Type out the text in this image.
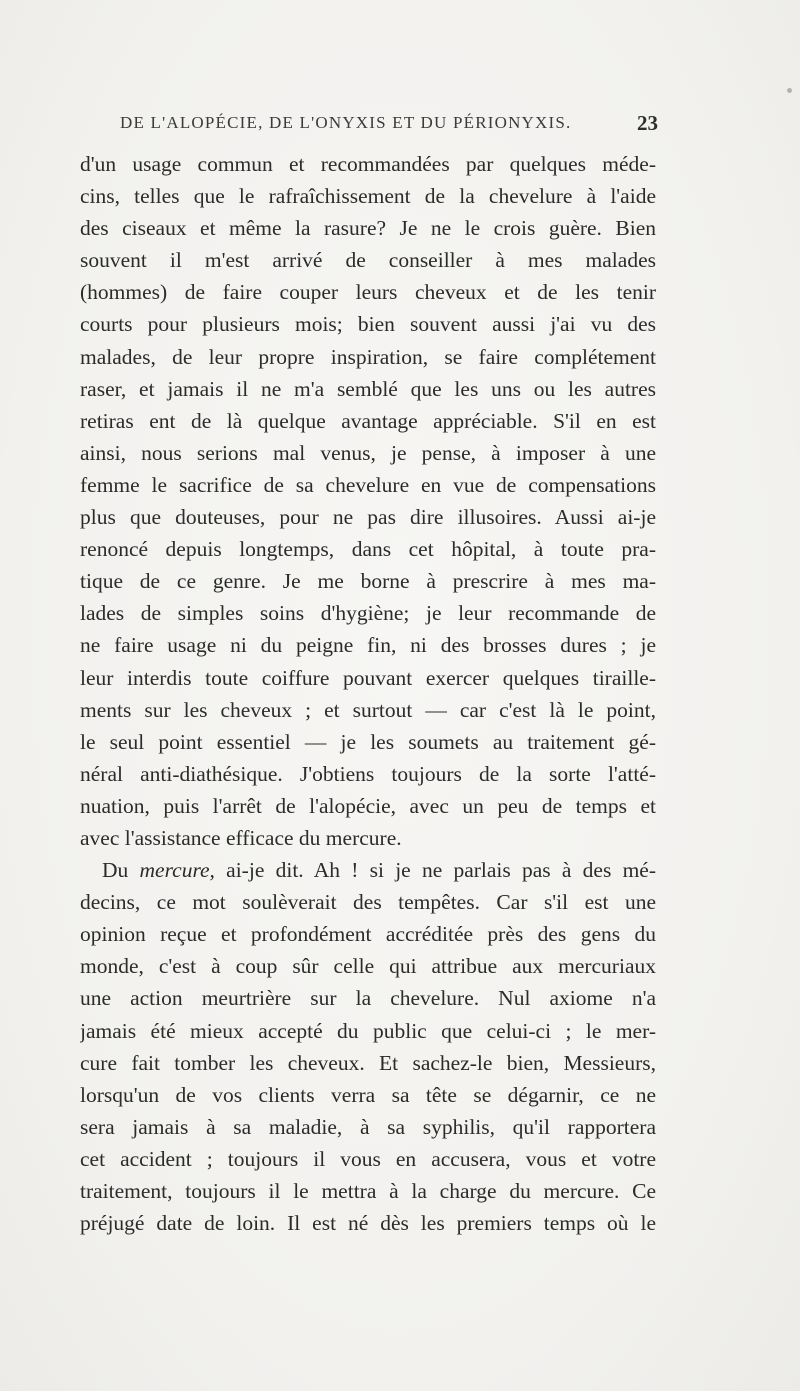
DE L'ALOPÉCIE, DE L'ONYXIS ET DU PÉRIONYXIS.	23
d'un usage commun et recommandées par quelques méde-
cins, telles que le rafraîchissement de la chevelure à l'aide
des ciseaux et même la rasure? Je ne le crois guère. Bien
souvent il m'est arrivé de conseiller à mes malades
(hommes) de faire couper leurs cheveux et de les tenir
courts pour plusieurs mois; bien souvent aussi j'ai vu des
malades, de leur propre inspiration, se faire complétement
raser, et jamais il ne m'a semblé que les uns ou les autres
retiras ent de là quelque avantage appréciable. S'il en est
ainsi, nous serions mal venus, je pense, à imposer à une
femme le sacrifice de sa chevelure en vue de compensations
plus que douteuses, pour ne pas dire illusoires. Aussi ai-je
renoncé depuis longtemps, dans cet hôpital, à toute pra-
tique de ce genre. Je me borne à prescrire à mes ma-
lades de simples soins d'hygiène; je leur recommande de
ne faire usage ni du peigne fin, ni des brosses dures ; je
leur interdis toute coiffure pouvant exercer quelques tiraille-
ments sur les cheveux ; et surtout — car c'est là le point,
le seul point essentiel — je les soumets au traitement gé-
néral anti-diathésique. J'obtiens toujours de la sorte l'atté-
nuation, puis l'arrêt de l'alopécie, avec un peu de temps et
avec l'assistance efficace du mercure.
Du mercure, ai-je dit. Ah ! si je ne parlais pas à des mé-
decins, ce mot soulèverait des tempêtes. Car s'il est une
opinion reçue et profondément accréditée près des gens du
monde, c'est à coup sûr celle qui attribue aux mercuriaux
une action meurtrière sur la chevelure. Nul axiome n'a
jamais été mieux accepté du public que celui-ci ; le mer-
cure fait tomber les cheveux. Et sachez-le bien, Messieurs,
lorsqu'un de vos clients verra sa tête se dégarnir, ce ne
sera jamais à sa maladie, à sa syphilis, qu'il rapportera
cet accident ; toujours il vous en accusera, vous et votre
traitement, toujours il le mettra à la charge du mercure. Ce
préjugé date de loin. Il est né dès les premiers temps où le
